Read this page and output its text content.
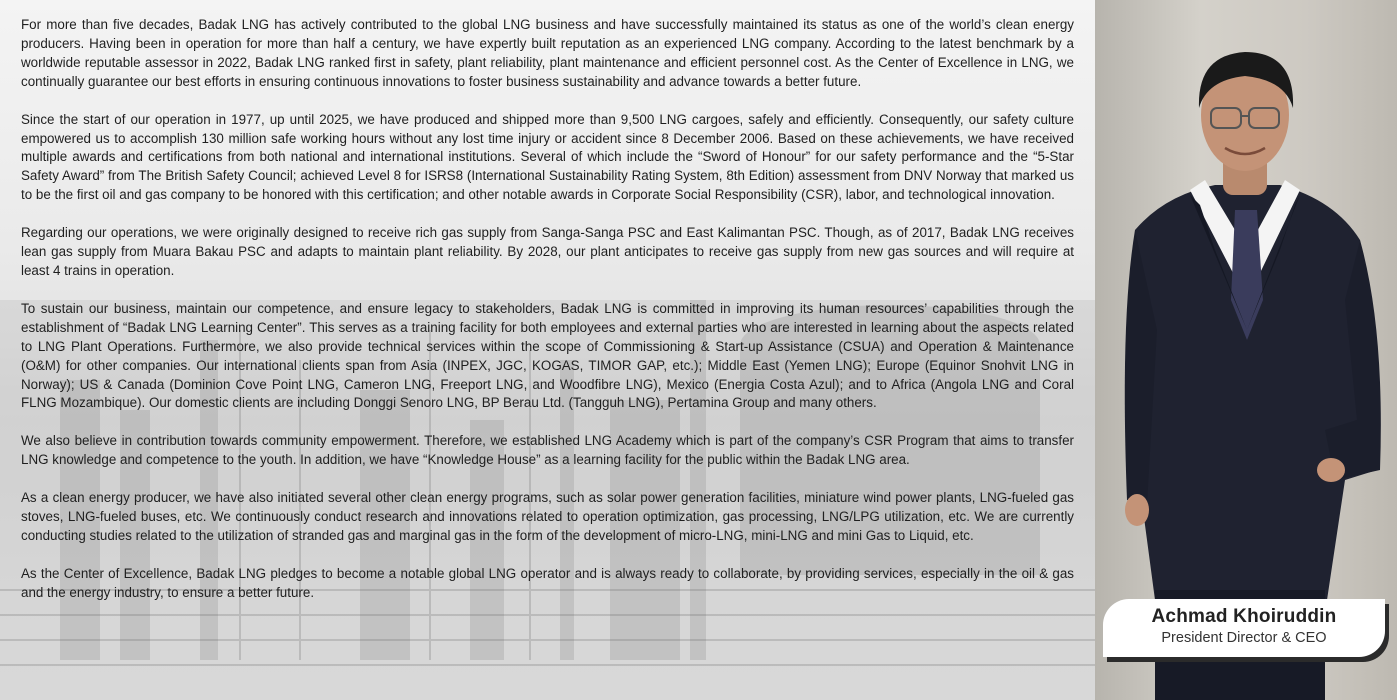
For more than five decades, Badak LNG has actively contributed to the global LNG business and have successfully maintained its status as one of the world’s clean energy producers. Having been in operation for more than half a century, we have expertly built reputation as an experienced LNG company. According to the latest benchmark by a worldwide reputable assessor in 2022, Badak LNG ranked first in safety, plant reliability, plant maintenance and efficient personnel cost. As the Center of Excellence in LNG, we continually guarantee our best efforts in ensuring continuous innovations to foster business sustainability and advance towards a better future.

Since the start of our operation in 1977, up until 2025, we have produced and shipped more than 9,500 LNG cargoes, safely and efficiently. Consequently, our safety culture empowered us to accomplish 130 million safe working hours without any lost time injury or accident since 8 December 2006. Based on these achievements, we have received multiple awards and certifications from both national and international institutions. Several of which include the “Sword of Honour” for our safety performance and the “5-Star Safety Award” from The British Safety Council; achieved Level 8 for ISRS8 (International Sustainability Rating System, 8th Edition) assessment from DNV Norway that marked us to be the first oil and gas company to be honored with this certification; and other notable awards in Corporate Social Responsibility (CSR), labor, and technological innovation.

Regarding our operations, we were originally designed to receive rich gas supply from Sanga-Sanga PSC and East Kalimantan PSC. Though, as of 2017, Badak LNG receives lean gas supply from Muara Bakau PSC and adapts to maintain plant reliability. By 2028, our plant anticipates to receive gas supply from new gas sources and will require at least 4 trains in operation.

To sustain our business, maintain our competence, and ensure legacy to stakeholders, Badak LNG is committed in improving its human resources’ capabilities through the establishment of “Badak LNG Learning Center”. This serves as a training facility for both employees and external parties who are interested in learning about the aspects related to LNG Plant Operations. Furthermore, we also provide technical services within the scope of Commissioning & Start-up Assistance (CSUA) and Operation & Maintenance (O&M) for other companies. Our international clients span from Asia (INPEX, JGC, KOGAS, TIMOR GAP, etc.); Middle East (Yemen LNG); Europe (Equinor Snohvit LNG in Norway); US & Canada (Dominion Cove Point LNG, Cameron LNG, Freeport LNG, and Woodfibre LNG), Mexico (Energia Costa Azul); and to Africa (Angola LNG and Coral FLNG Mozambique). Our domestic clients are including Donggi Senoro LNG, BP Berau Ltd. (Tangguh LNG), Pertamina Group and many others.

We also believe in contribution towards community empowerment. Therefore, we established LNG Academy which is part of the company’s CSR Program that aims to transfer LNG knowledge and competence to the youth. In addition, we have “Knowledge House” as a learning facility for the public within the Badak LNG area.

As a clean energy producer, we have also initiated several other clean energy programs, such as solar power generation facilities, miniature wind power plants, LNG-fueled gas stoves, LNG-fueled buses, etc. We continuously conduct research and innovations related to operation optimization, gas processing, LNG/LPG utilization, etc. We are currently conducting studies related to the utilization of stranded gas and marginal gas in the form of the development of micro-LNG, mini-LNG and mini Gas to Liquid, etc.

As the Center of Excellence, Badak LNG pledges to become a notable global LNG operator and is always ready to collaborate, by providing services, especially in the oil & gas and the energy industry, to ensure a better future.

Achmad Khoiruddin
President Director & CEO
